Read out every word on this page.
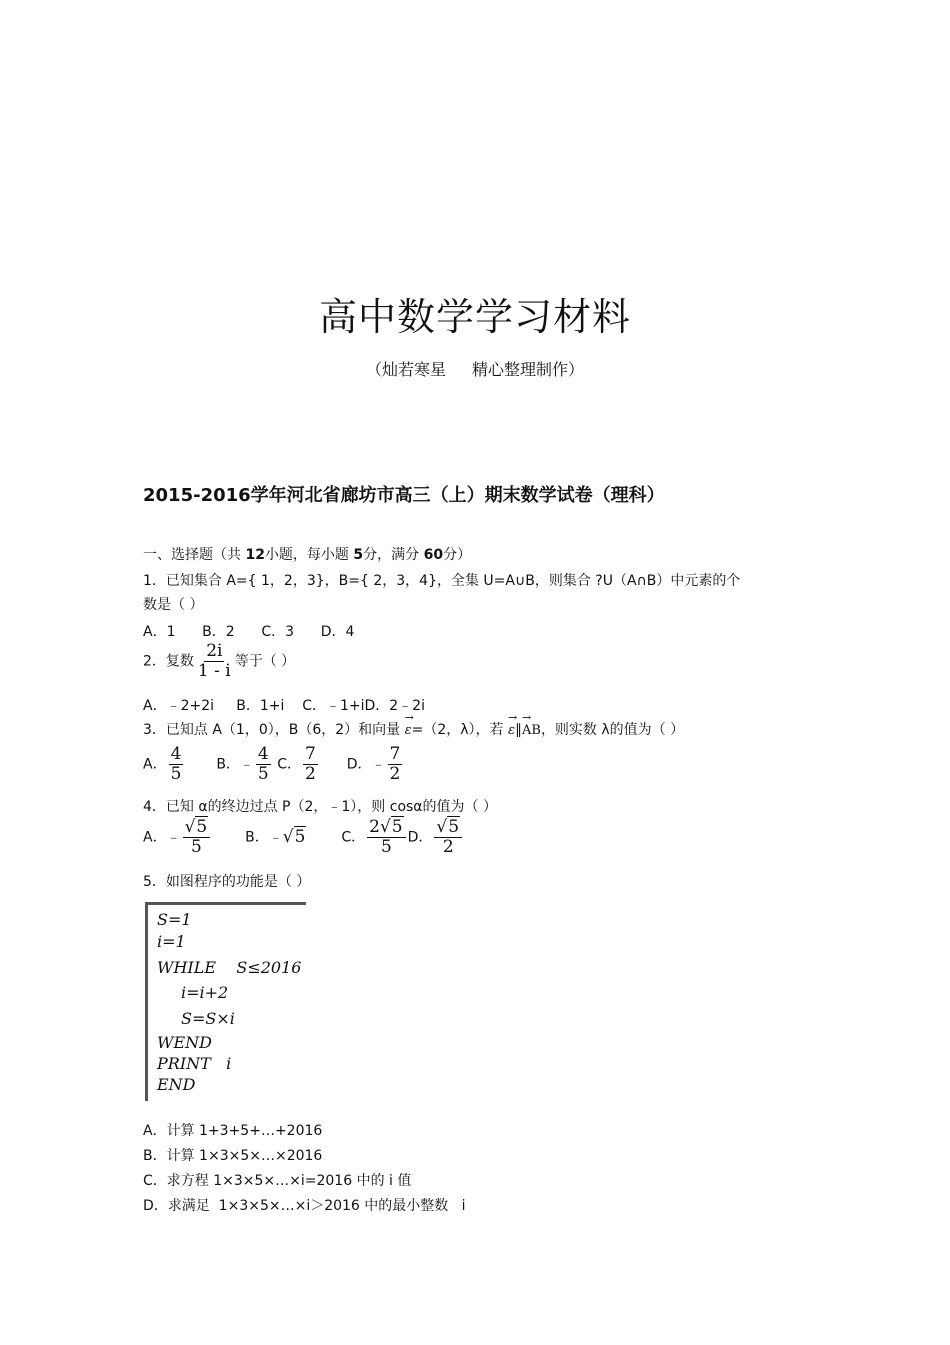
高中数学学习材料
（灿若寒星 精心整理制作）
2015-2016学年河北省廊坊市高三（上）期末数学试卷（理科）
一、选择题（共 12小题，每小题 5分，满分 60分）
1．已知集合 A={ 1，2，3}，B={ 2，3，4}，全集 U=A∪B，则集合 ?U（A∩B）中元素的个
数是（ ）
A．1      B．2      C．3      D．4
2．复数 $\frac{2i}{1 - i}$ 等于（ ）
A．﹣2+2i     B．1+i    C．﹣1+iD．2﹣2i
3．已知点 A（1，0），B（6，2）和向量 → ε=（2，λ），若 → ε∥→ AB，则实数 λ的值为（ ）
A． $\frac{4}{5}$ B．﹣ $\frac{4}{5}$ C． $\frac{7}{2}$ D．﹣ $\frac{7}{2}$
4．已知 α的终边过点 P（2，﹣1），则 cosα的值为（ ）
A．﹣ $\frac{√5}{5}$ B．﹣√5	C． $\frac{2√5}{5}$ D． $\frac{√5}{2}$
5．如图程序的功能是（ ）
S=1
i=1
WHILE    S≤2016
i=i+2
S=S×i
WEND
PRINT   i
END
A．计算 1+3+5+…+2016
B．计算 1×3×5×…×2016
C．求方程 1×3×5×…×i=2016 中的 i 值
D．求满足  1×3×5×…×i＞2016 中的最小整数   i
